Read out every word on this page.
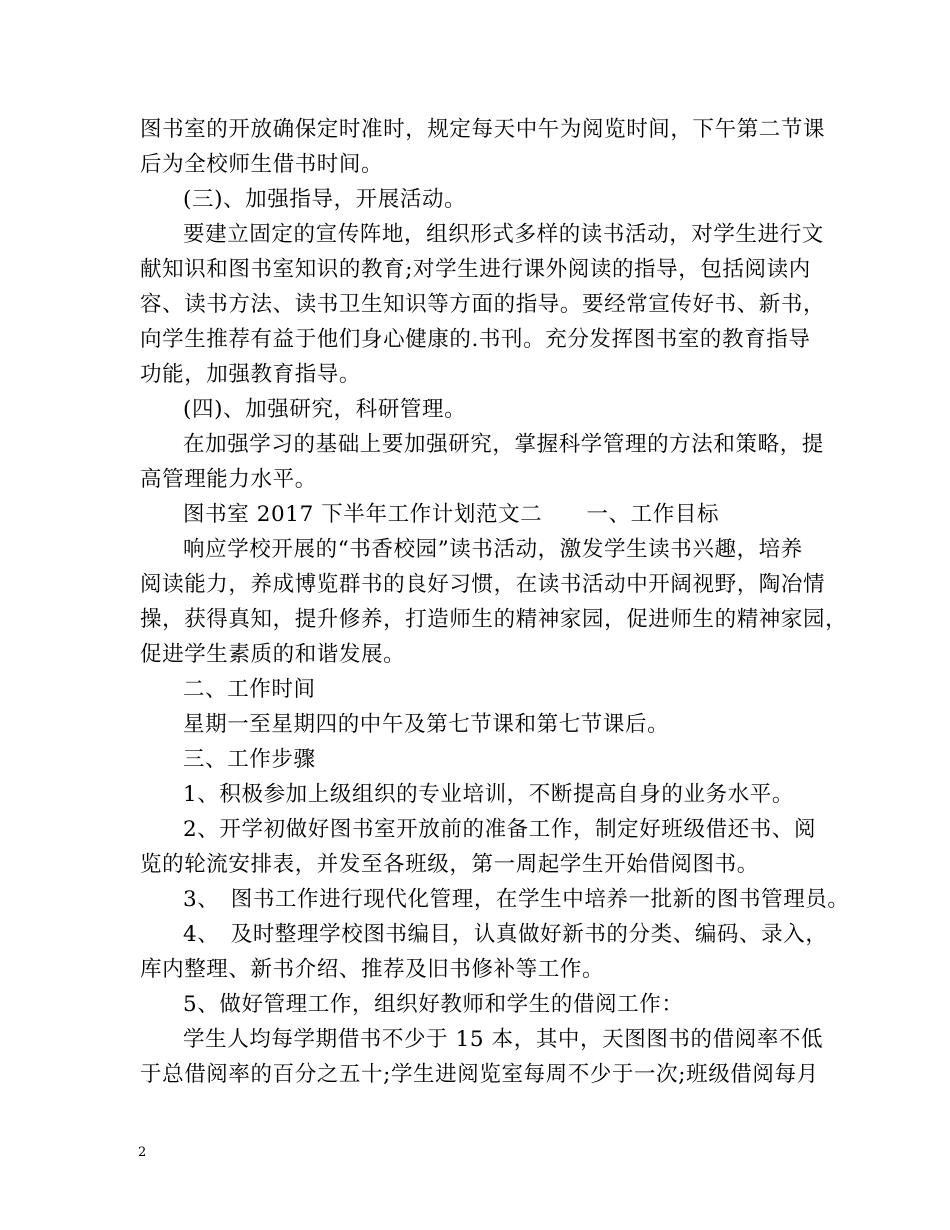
图书室的开放确保定时准时，规定每天中午为阅览时间，下午第二节课
后为全校师生借书时间。
(三)、加强指导，开展活动。
要建立固定的宣传阵地，组织形式多样的读书活动，对学生进行文
献知识和图书室知识的教育;对学生进行课外阅读的指导，包括阅读内
容、读书方法、读书卫生知识等方面的指导。要经常宣传好书、新书，
向学生推荐有益于他们身心健康的.书刊。充分发挥图书室的教育指导
功能，加强教育指导。
(四)、加强研究，科研管理。
在加强学习的基础上要加强研究，掌握科学管理的方法和策略，提
高管理能力水平。
图书室 2017 下半年工作计划范文二　　一、工作目标
响应学校开展的“书香校园”读书活动，激发学生读书兴趣，培养
阅读能力，养成博览群书的良好习惯，在读书活动中开阔视野，陶冶情
操，获得真知，提升修养，打造师生的精神家园，促进师生的精神家园，
促进学生素质的和谐发展。
二、工作时间
星期一至星期四的中午及第七节课和第七节课后。
三、工作步骤
1、积极参加上级组织的专业培训，不断提高自身的业务水平。
2、开学初做好图书室开放前的准备工作，制定好班级借还书、阅
览的轮流安排表，并发至各班级，第一周起学生开始借阅图书。
3、　图书工作进行现代化管理，在学生中培养一批新的图书管理员。
4、　及时整理学校图书编目，认真做好新书的分类、编码、录入，
库内整理、新书介绍、推荐及旧书修补等工作。
5、做好管理工作，组织好教师和学生的借阅工作：
学生人均每学期借书不少于 15 本，其中，天图图书的借阅率不低
于总借阅率的百分之五十;学生进阅览室每周不少于一次;班级借阅每月
2
